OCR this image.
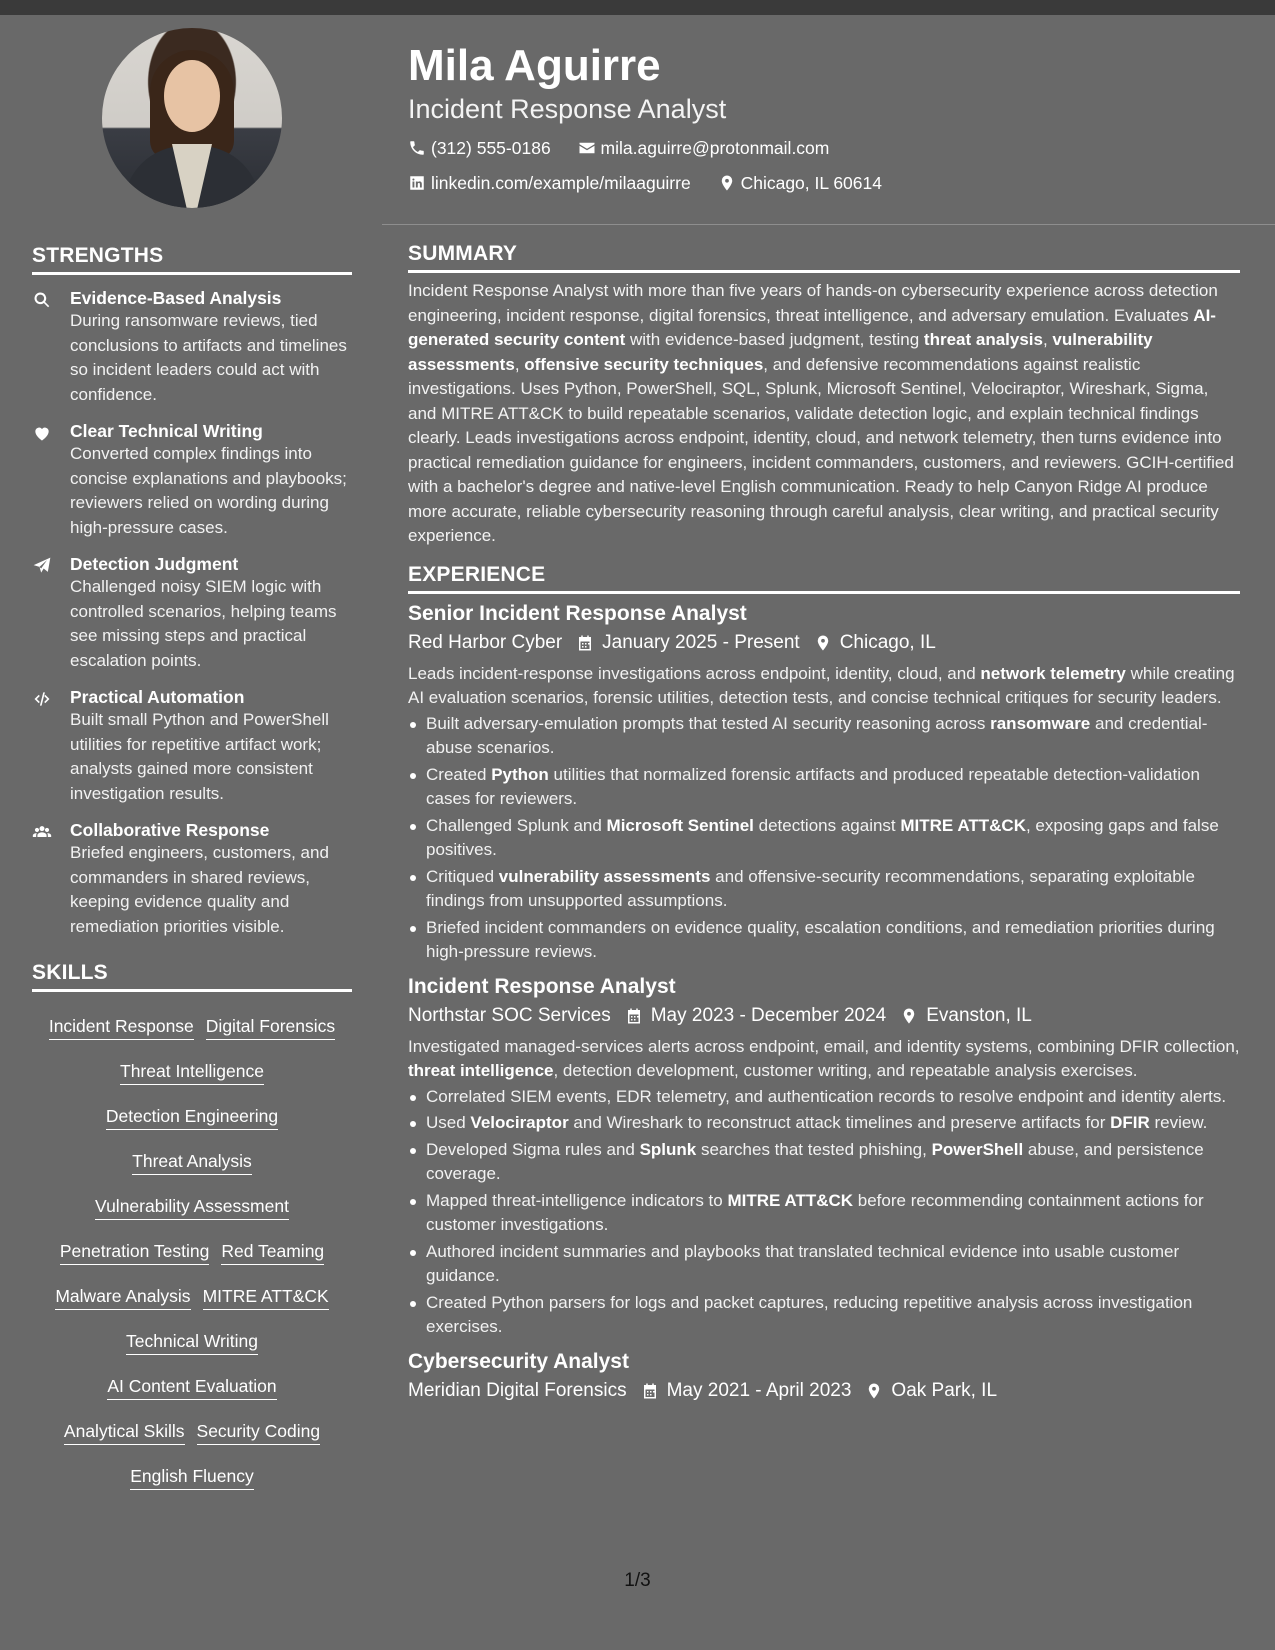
STRENGTHS
Evidence-Based Analysis

During ransomware reviews, tied conclusions to artifacts and timelines so incident leaders could act with confidence.

Clear Technical Writing

Converted complex findings into concise explanations and playbooks; reviewers relied on wording during high-pressure cases.

Detection Judgment

Challenged noisy SIEM logic with controlled scenarios, helping teams see missing steps and practical escalation points.

Practical Automation

Built small Python and PowerShell utilities for repetitive artifact work; analysts gained more consistent investigation results.

Collaborative Response

Briefed engineers, customers, and commanders in shared reviews, keeping evidence quality and remediation priorities visible.

SKILLS
Incident Response Digital Forensics
Threat Intelligence
Detection Engineering
Threat Analysis
Vulnerability Assessment
Penetration Testing Red Teaming
Malware Analysis MITRE ATT&CK
Technical Writing
AI Content Evaluation
Analytical Skills Security Coding
English Fluency
Mila Aguirre
Incident Response Analyst
(312) 555-0186
	mila.aguirre@protonmail.com
linkedin.com/example/milaaguirre
	Chicago, IL 60614
SUMMARY
Incident Response Analyst with more than five years of hands-on cybersecurity experience across detection engineering, incident response, digital forensics, threat intelligence, and adversary emulation. Evaluates AI-generated security content with evidence-based judgment, testing threat analysis, vulnerability assessments, offensive security techniques, and defensive recommendations against realistic investigations. Uses Python, PowerShell, SQL, Splunk, Microsoft Sentinel, Velociraptor, Wireshark, Sigma, and MITRE ATT&CK to build repeatable scenarios, validate detection logic, and explain technical findings clearly. Leads investigations across endpoint, identity, cloud, and network telemetry, then turns evidence into practical remediation guidance for engineers, incident commanders, customers, and reviewers. GCIH-certified with a bachelor's degree and native-level English communication. Ready to help Canyon Ridge AI produce more accurate, reliable cybersecurity reasoning through careful analysis, clear writing, and practical security experience.
EXPERIENCE
Senior Incident Response Analyst
Red Harbor Cyber January 2025 - Present Chicago, IL

Leads incident-response investigations across endpoint, identity, cloud, and network telemetry while creating AI evaluation scenarios, forensic utilities, detection tests, and concise technical critiques for security leaders.

Built adversary-emulation prompts that tested AI security reasoning across ransomware and credential-abuse scenarios.
Created Python utilities that normalized forensic artifacts and produced repeatable detection-validation cases for reviewers.
Challenged Splunk and Microsoft Sentinel detections against MITRE ATT&CK, exposing gaps and false positives.
Critiqued vulnerability assessments and offensive-security recommendations, separating exploitable findings from unsupported assumptions.
Briefed incident commanders on evidence quality, escalation conditions, and remediation priorities during high-pressure reviews.
Incident Response Analyst
Northstar SOC Services May 2023 - December 2024 Evanston, IL

Investigated managed-services alerts across endpoint, email, and identity systems, combining DFIR collection, threat intelligence, detection development, customer writing, and repeatable analysis exercises.

Correlated SIEM events, EDR telemetry, and authentication records to resolve endpoint and identity alerts.
Used Velociraptor and Wireshark to reconstruct attack timelines and preserve artifacts for DFIR review.
Developed Sigma rules and Splunk searches that tested phishing, PowerShell abuse, and persistence coverage.
Mapped threat-intelligence indicators to MITRE ATT&CK before recommending containment actions for customer investigations.
Authored incident summaries and playbooks that translated technical evidence into usable customer guidance.
Created Python parsers for logs and packet captures, reducing repetitive analysis across investigation exercises.
Cybersecurity Analyst
Meridian Digital Forensics May 2021 - April 2023 Oak Park, IL
1/3
